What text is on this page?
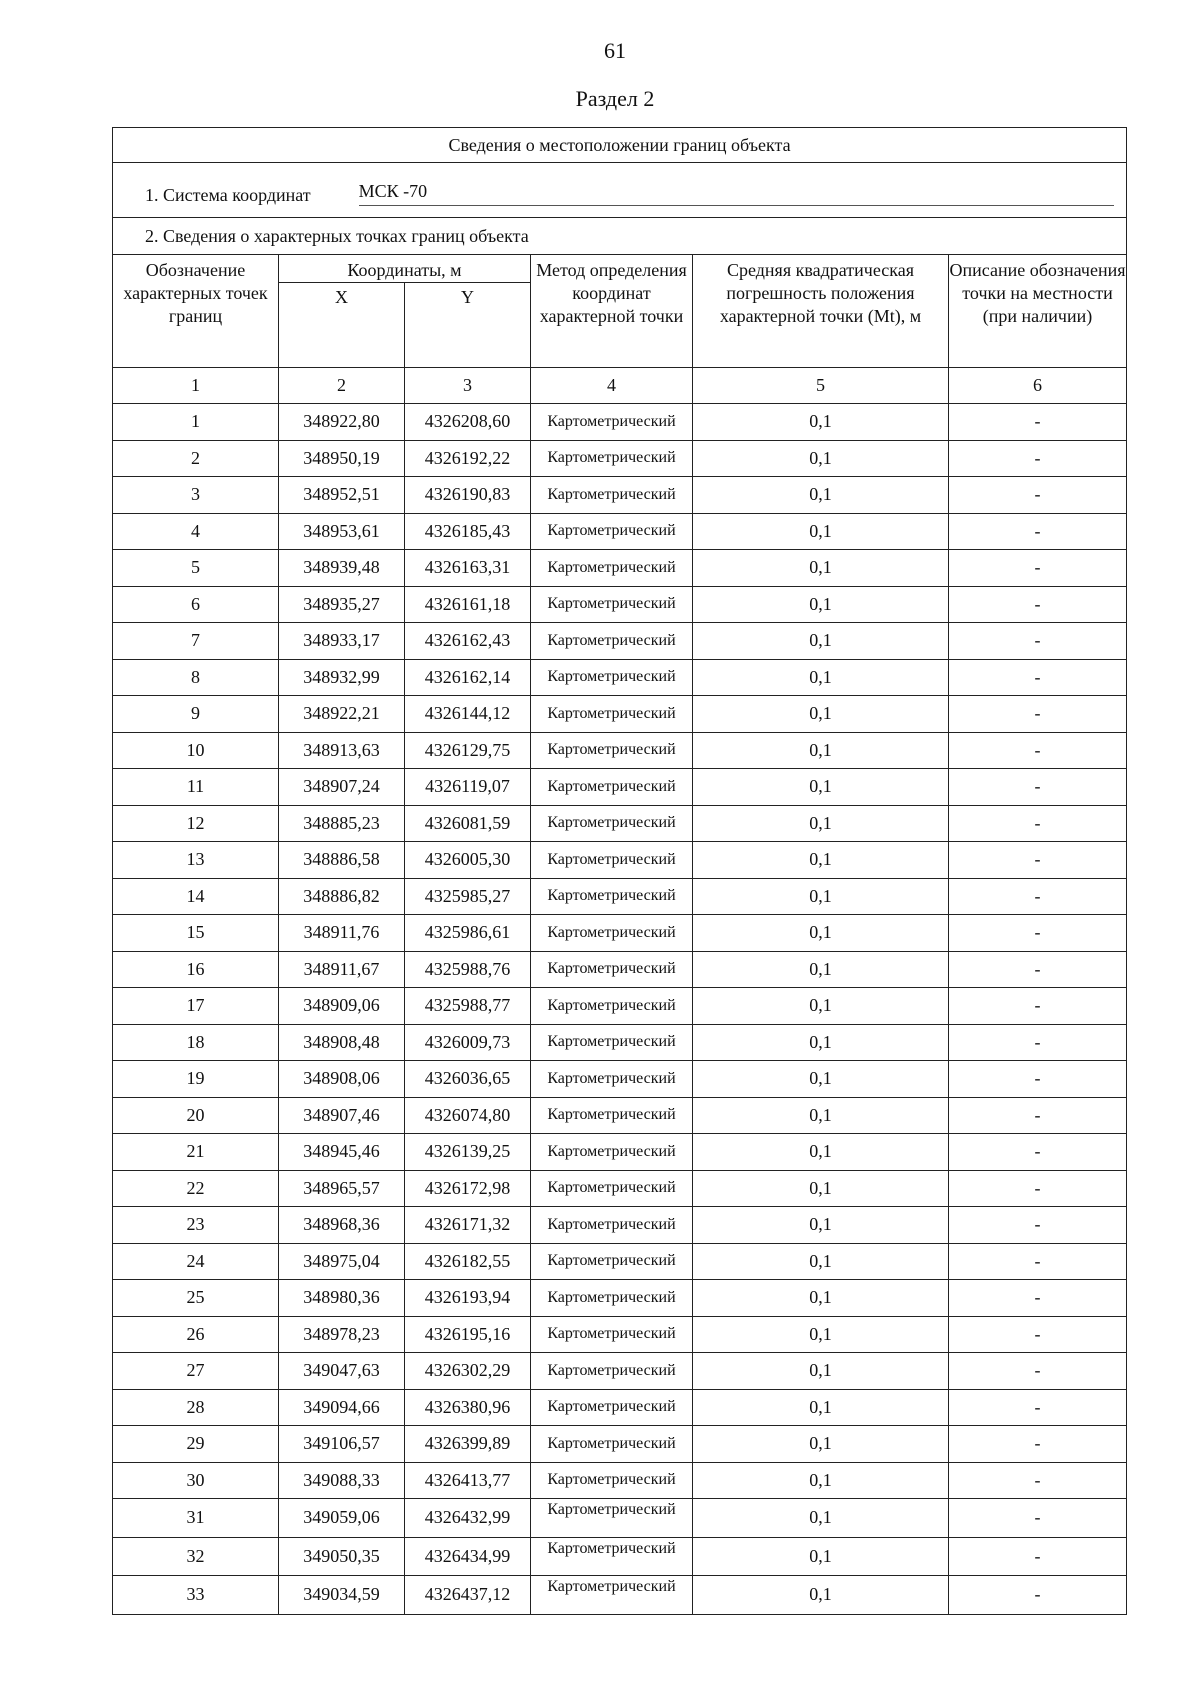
61
Раздел 2
Сведения о местоположении границ объекта					

1. Система координат МСК -70					

2. Сведения о характерных точках границ объекта					
Обозначение характерных точек границ	Координаты, м		Метод определения координат характерной точки	Средняя квадратическая погрешность положения характерной точки (Mt), м	Описание обозначения точки на местности (при наличии)
	X	Y			
1	2	3	4	5	6
1	348922,80	4326208,60	Картометрический	0,1	-
2	348950,19	4326192,22	Картометрический	0,1	-
3	348952,51	4326190,83	Картометрический	0,1	-
4	348953,61	4326185,43	Картометрический	0,1	-
5	348939,48	4326163,31	Картометрический	0,1	-
6	348935,27	4326161,18	Картометрический	0,1	-
7	348933,17	4326162,43	Картометрический	0,1	-
8	348932,99	4326162,14	Картометрический	0,1	-
9	348922,21	4326144,12	Картометрический	0,1	-
10	348913,63	4326129,75	Картометрический	0,1	-
11	348907,24	4326119,07	Картометрический	0,1	-
12	348885,23	4326081,59	Картометрический	0,1	-
13	348886,58	4326005,30	Картометрический	0,1	-
14	348886,82	4325985,27	Картометрический	0,1	-
15	348911,76	4325986,61	Картометрический	0,1	-
16	348911,67	4325988,76	Картометрический	0,1	-
17	348909,06	4325988,77	Картометрический	0,1	-
18	348908,48	4326009,73	Картометрический	0,1	-
19	348908,06	4326036,65	Картометрический	0,1	-
20	348907,46	4326074,80	Картометрический	0,1	-
21	348945,46	4326139,25	Картометрический	0,1	-
22	348965,57	4326172,98	Картометрический	0,1	-
23	348968,36	4326171,32	Картометрический	0,1	-
24	348975,04	4326182,55	Картометрический	0,1	-
25	348980,36	4326193,94	Картометрический	0,1	-
26	348978,23	4326195,16	Картометрический	0,1	-
27	349047,63	4326302,29	Картометрический	0,1	-
28	349094,66	4326380,96	Картометрический	0,1	-
29	349106,57	4326399,89	Картометрический	0,1	-
30	349088,33	4326413,77	Картометрический	0,1	-
31	349059,06	4326432,99	Картометрический	0,1	-
32	349050,35	4326434,99	Картометрический	0,1	-
33	349034,59	4326437,12	Картометрический	0,1	-
